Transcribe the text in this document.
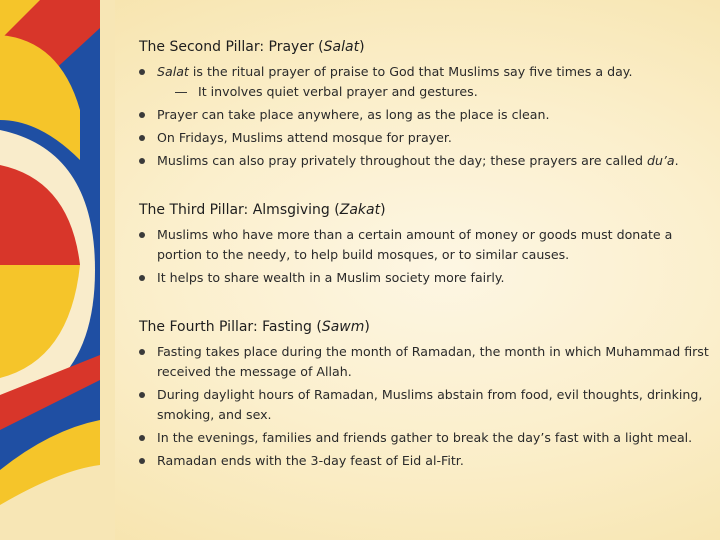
The Second Pillar: Prayer (Salat)
Salat is the ritual prayer of praise to God that Muslims say five times a day.
It involves quiet verbal prayer and gestures.
Prayer can take place anywhere, as long as the place is clean.
On Fridays, Muslims attend mosque for prayer.
Muslims can also pray privately throughout the day; these prayers are called du’a.
The Third Pillar: Almsgiving (Zakat)
Muslims who have more than a certain amount of money or goods must donate a portion to the needy, to help build mosques, or to similar causes.
It helps to share wealth in a Muslim society more fairly.
The Fourth Pillar: Fasting (Sawm)
Fasting takes place during the month of Ramadan, the month in which Muhammad first received the message of Allah.
During daylight hours of Ramadan, Muslims abstain from food, evil thoughts, drinking, smoking, and sex.
In the evenings, families and friends gather to break the day’s fast with a light meal.
Ramadan ends with the 3-day feast of Eid al-Fitr.
